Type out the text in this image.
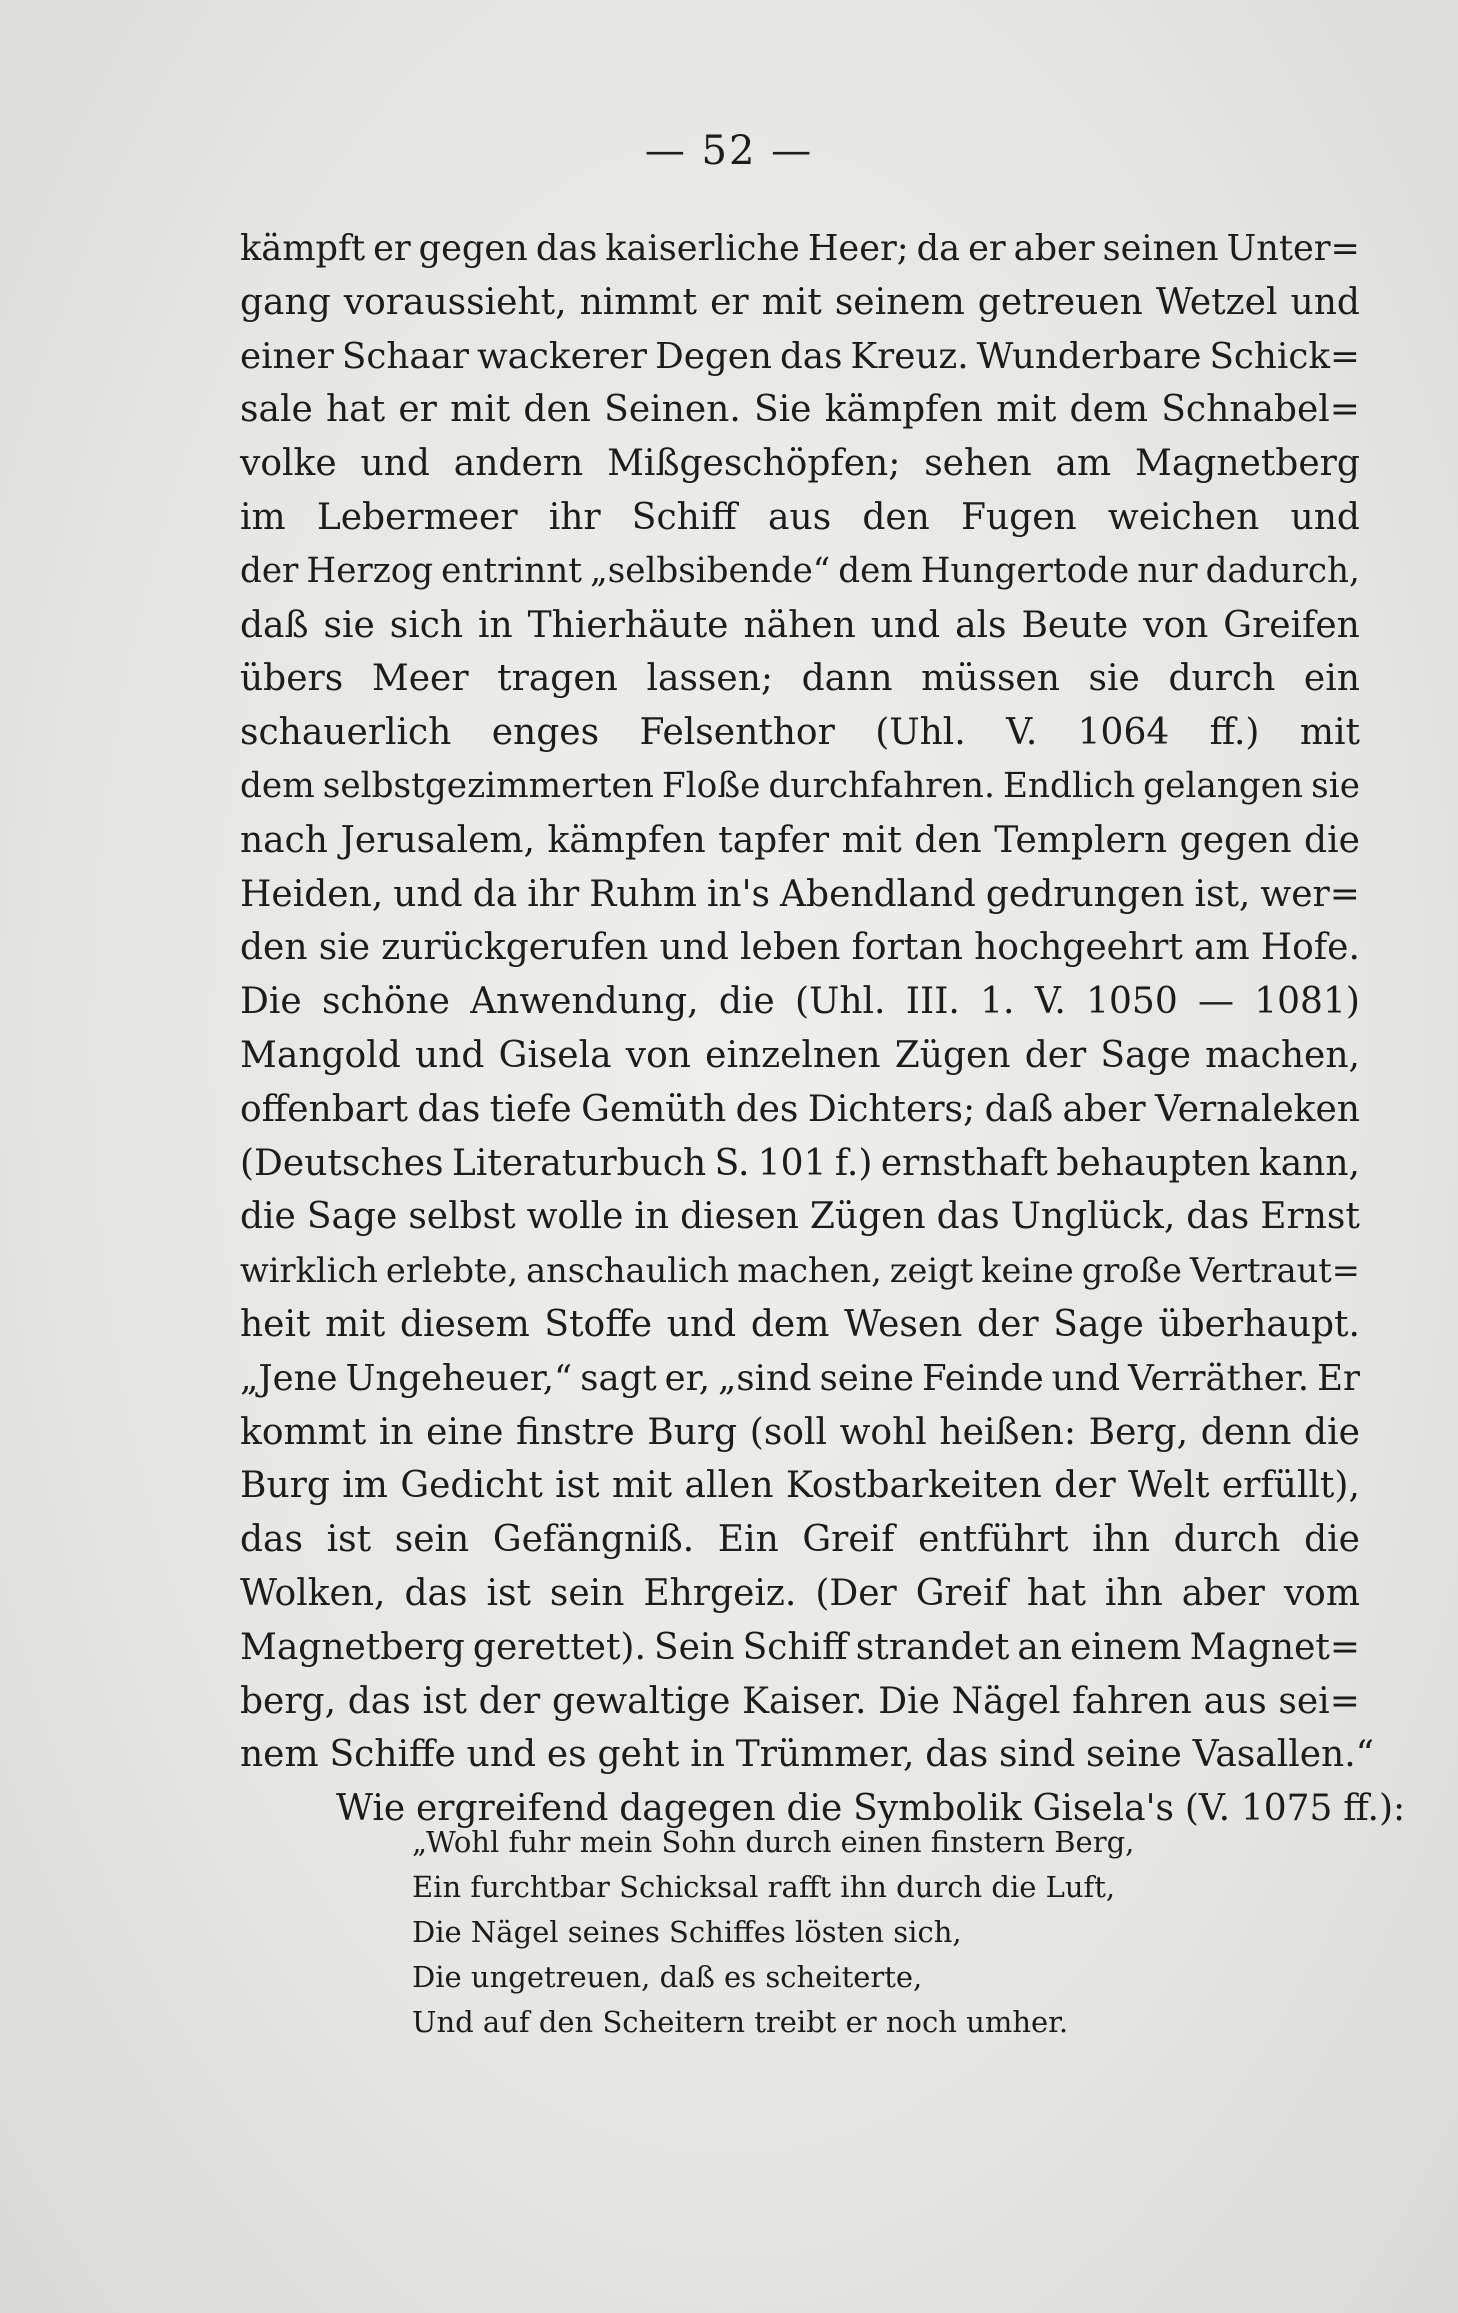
— 52 —
kämpft er gegen das kaiserliche Heer; da er aber seinen Unter=
gang voraussieht, nimmt er mit seinem getreuen Wetzel und
einer Schaar wackerer Degen das Kreuz. Wunderbare Schick=
sale hat er mit den Seinen. Sie kämpfen mit dem Schnabel=
volke und andern Mißgeschöpfen; sehen am Magnetberg
im Lebermeer ihr Schiff aus den Fugen weichen und
der Herzog entrinnt „selbsibende“ dem Hungertode nur dadurch,
daß sie sich in Thierhäute nähen und als Beute von Greifen
übers Meer tragen lassen; dann müssen sie durch ein
schauerlich enges Felsenthor (Uhl. V. 1064 ff.) mit
dem selbstgezimmerten Floße durchfahren. Endlich gelangen sie
nach Jerusalem, kämpfen tapfer mit den Templern gegen die
Heiden, und da ihr Ruhm in's Abendland gedrungen ist, wer=
den sie zurückgerufen und leben fortan hochgeehrt am Hofe.
Die schöne Anwendung, die (Uhl. III. 1. V. 1050 — 1081)
Mangold und Gisela von einzelnen Zügen der Sage machen,
offenbart das tiefe Gemüth des Dichters; daß aber Vernaleken
(Deutsches Literaturbuch S. 101 f.) ernsthaft behaupten kann,
die Sage selbst wolle in diesen Zügen das Unglück, das Ernst
wirklich erlebte, anschaulich machen, zeigt keine große Vertraut=
heit mit diesem Stoffe und dem Wesen der Sage überhaupt.
„Jene Ungeheuer,“ sagt er, „sind seine Feinde und Verräther. Er
kommt in eine finstre Burg (soll wohl heißen: Berg, denn die
Burg im Gedicht ist mit allen Kostbarkeiten der Welt erfüllt),
das ist sein Gefängniß. Ein Greif entführt ihn durch die
Wolken, das ist sein Ehrgeiz. (Der Greif hat ihn aber vom
Magnetberg gerettet). Sein Schiff strandet an einem Magnet=
berg, das ist der gewaltige Kaiser. Die Nägel fahren aus sei=
nem Schiffe und es geht in Trümmer, das sind seine Vasallen.“
Wie ergreifend dagegen die Symbolik Gisela's (V. 1075 ff.):
„Wohl fuhr mein Sohn durch einen finstern Berg,
Ein furchtbar Schicksal rafft ihn durch die Luft,
Die Nägel seines Schiffes lösten sich,
Die ungetreuen, daß es scheiterte,
Und auf den Scheitern treibt er noch umher.
